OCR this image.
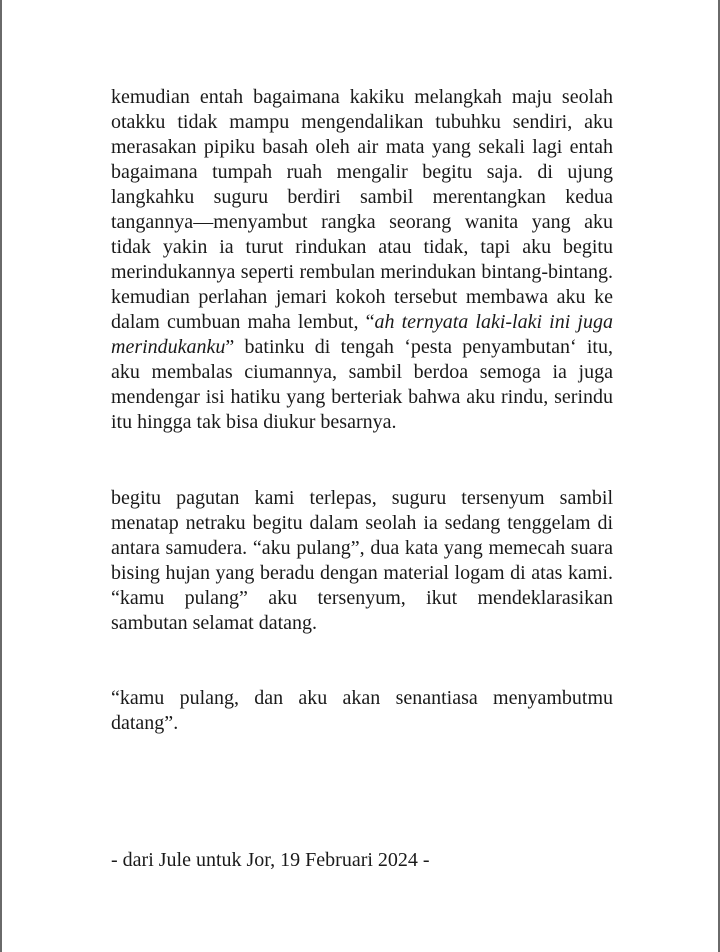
kemudian entah bagaimana kakiku melangkah maju seolah otakku tidak mampu mengendalikan tubuhku sendiri, aku merasakan pipiku basah oleh air mata yang sekali lagi entah bagaimana tumpah ruah mengalir begitu saja. di ujung langkahku suguru berdiri sambil merentangkan kedua tangannya—menyambut rangka seorang wanita yang aku tidak yakin ia turut rindukan atau tidak, tapi aku begitu merindukannya seperti rembulan merindukan bintang-bintang. kemudian perlahan jemari kokoh tersebut membawa aku ke dalam cumbuan maha lembut, “ah ternyata laki-laki ini juga merindukanku” batinku di tengah ‘pesta penyambutan‘ itu, aku membalas ciumannya, sambil berdoa semoga ia juga mendengar isi hatiku yang berteriak bahwa aku rindu, serindu itu hingga tak bisa diukur besarnya.

begitu pagutan kami terlepas, suguru tersenyum sambil menatap netraku begitu dalam seolah ia sedang tenggelam di antara samudera. “aku pulang”, dua kata yang memecah suara bising hujan yang beradu dengan material logam di atas kami. “kamu pulang” aku tersenyum, ikut mendeklarasikan sambutan selamat datang.

“kamu pulang, dan aku akan senantiasa menyambutmu datang”.

- dari Jule untuk Jor, 19 Februari 2024 -
